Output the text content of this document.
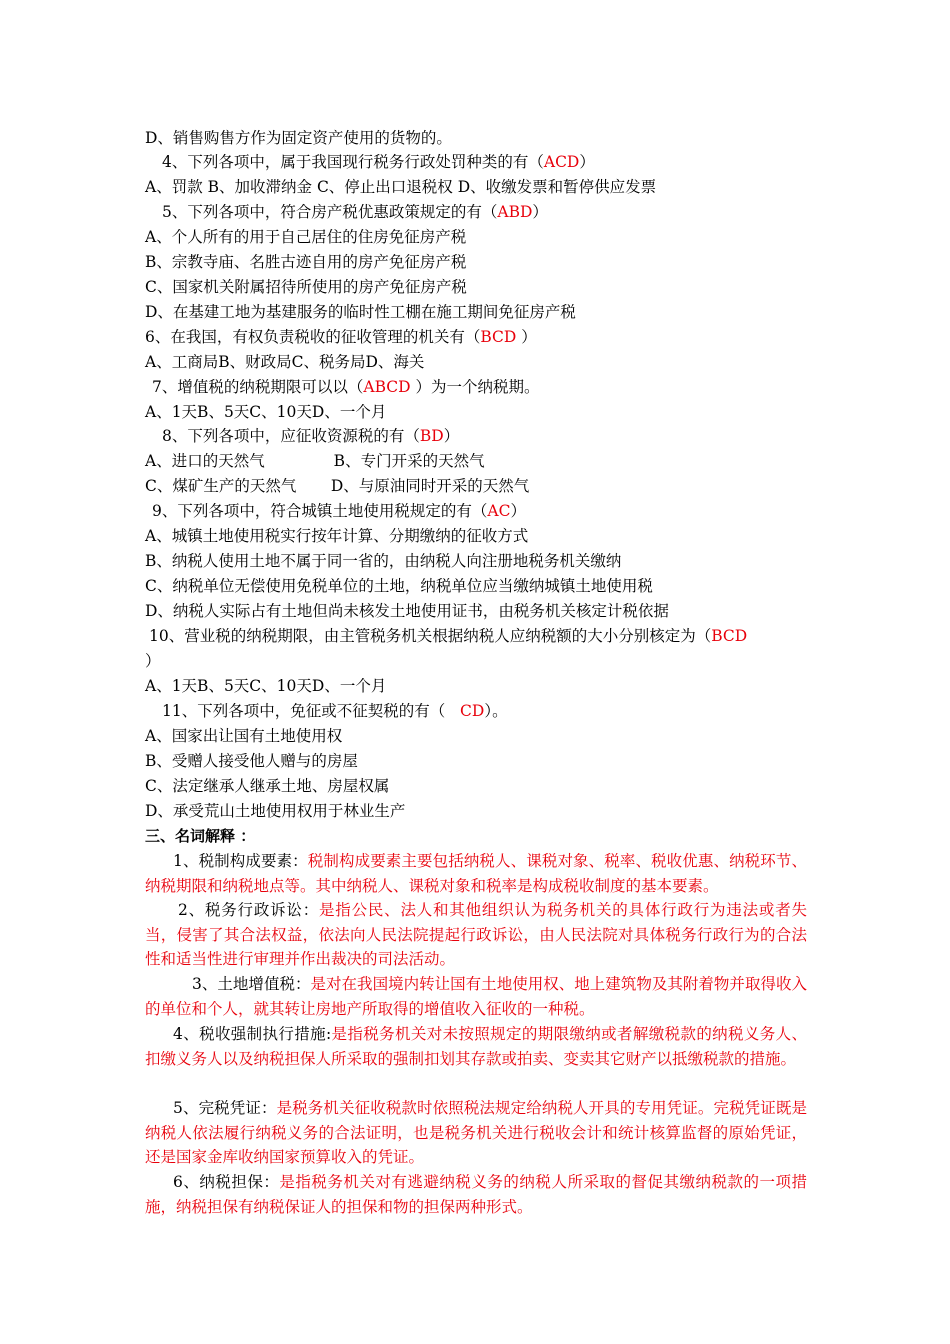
D、销售购售方作为固定资产使用的货物的。
4、下列各项中，属于我国现行税务行政处罚种类的有（ACD）
A、罚款 B、加收滞纳金 C、停止出口退税权 D、收缴发票和暂停供应发票
5、下列各项中，符合房产税优惠政策规定的有（ABD）
A、个人所有的用于自己居住的住房免征房产税
B、宗教寺庙、名胜古迹自用的房产免征房产税
C、国家机关附属招待所使用的房产免征房产税
D、在基建工地为基建服务的临时性工棚在施工期间免征房产税
6、在我国，有权负责税收的征收管理的机关有（BCD ）
A、工商局B、财政局C、税务局D、海关
7、增值税的纳税期限可以以（ABCD ）为一个纳税期。
A、1天B、5天C、10天D、一个月
8、下列各项中，应征收资源税的有（BD）
A、进口的天然气              B、专门开采的天然气
C、煤矿生产的天然气       D、与原油同时开采的天然气
9、下列各项中，符合城镇土地使用税规定的有（AC）
A、城镇土地使用税实行按年计算、分期缴纳的征收方式
B、纳税人使用土地不属于同一省的，由纳税人向注册地税务机关缴纳
C、纳税单位无偿使用免税单位的土地，纳税单位应当缴纳城镇土地使用税
D、纳税人实际占有土地但尚未核发土地使用证书，由税务机关核定计税依据
10、营业税的纳税期限，由主管税务机关根据纳税人应纳税额的大小分别核定为（BCD
）
A、1天B、5天C、10天D、一个月
11、下列各项中，免征或不征契税的有（   CD）。
A、国家出让国有土地使用权
B、受赠人接受他人赠与的房屋
C、法定继承人继承土地、房屋权属
D、承受荒山土地使用权用于林业生产
三、名词解释 ：
1、税制构成要素：税制构成要素主要包括纳税人、课税对象、税率、税收优惠、纳税环节、纳税期限和纳税地点等。其中纳税人、课税对象和税率是构成税收制度的基本要素。
2、税务行政诉讼：是指公民、法人和其他组织认为税务机关的具体行政行为违法或者失当，侵害了其合法权益，依法向人民法院提起行政诉讼，由人民法院对具体税务行政行为的合法性和适当性进行审理并作出裁决的司法活动。
3、土地增值税：是对在我国境内转让国有土地使用权、地上建筑物及其附着物并取得收入的单位和个人，就其转让房地产所取得的增值收入征收的一种税。
4、税收强制执行措施:是指税务机关对未按照规定的期限缴纳或者解缴税款的纳税义务人、扣缴义务人以及纳税担保人所采取的强制扣划其存款或拍卖、变卖其它财产以抵缴税款的措施。
5、完税凭证：是税务机关征收税款时依照税法规定给纳税人开具的专用凭证。完税凭证既是纳税人依法履行纳税义务的合法证明，也是税务机关进行税收会计和统计核算监督的原始凭证，还是国家金库收纳国家预算收入的凭证。
6、纳税担保：是指税务机关对有逃避纳税义务的纳税人所采取的督促其缴纳税款的一项措施，纳税担保有纳税保证人的担保和物的担保两种形式。
